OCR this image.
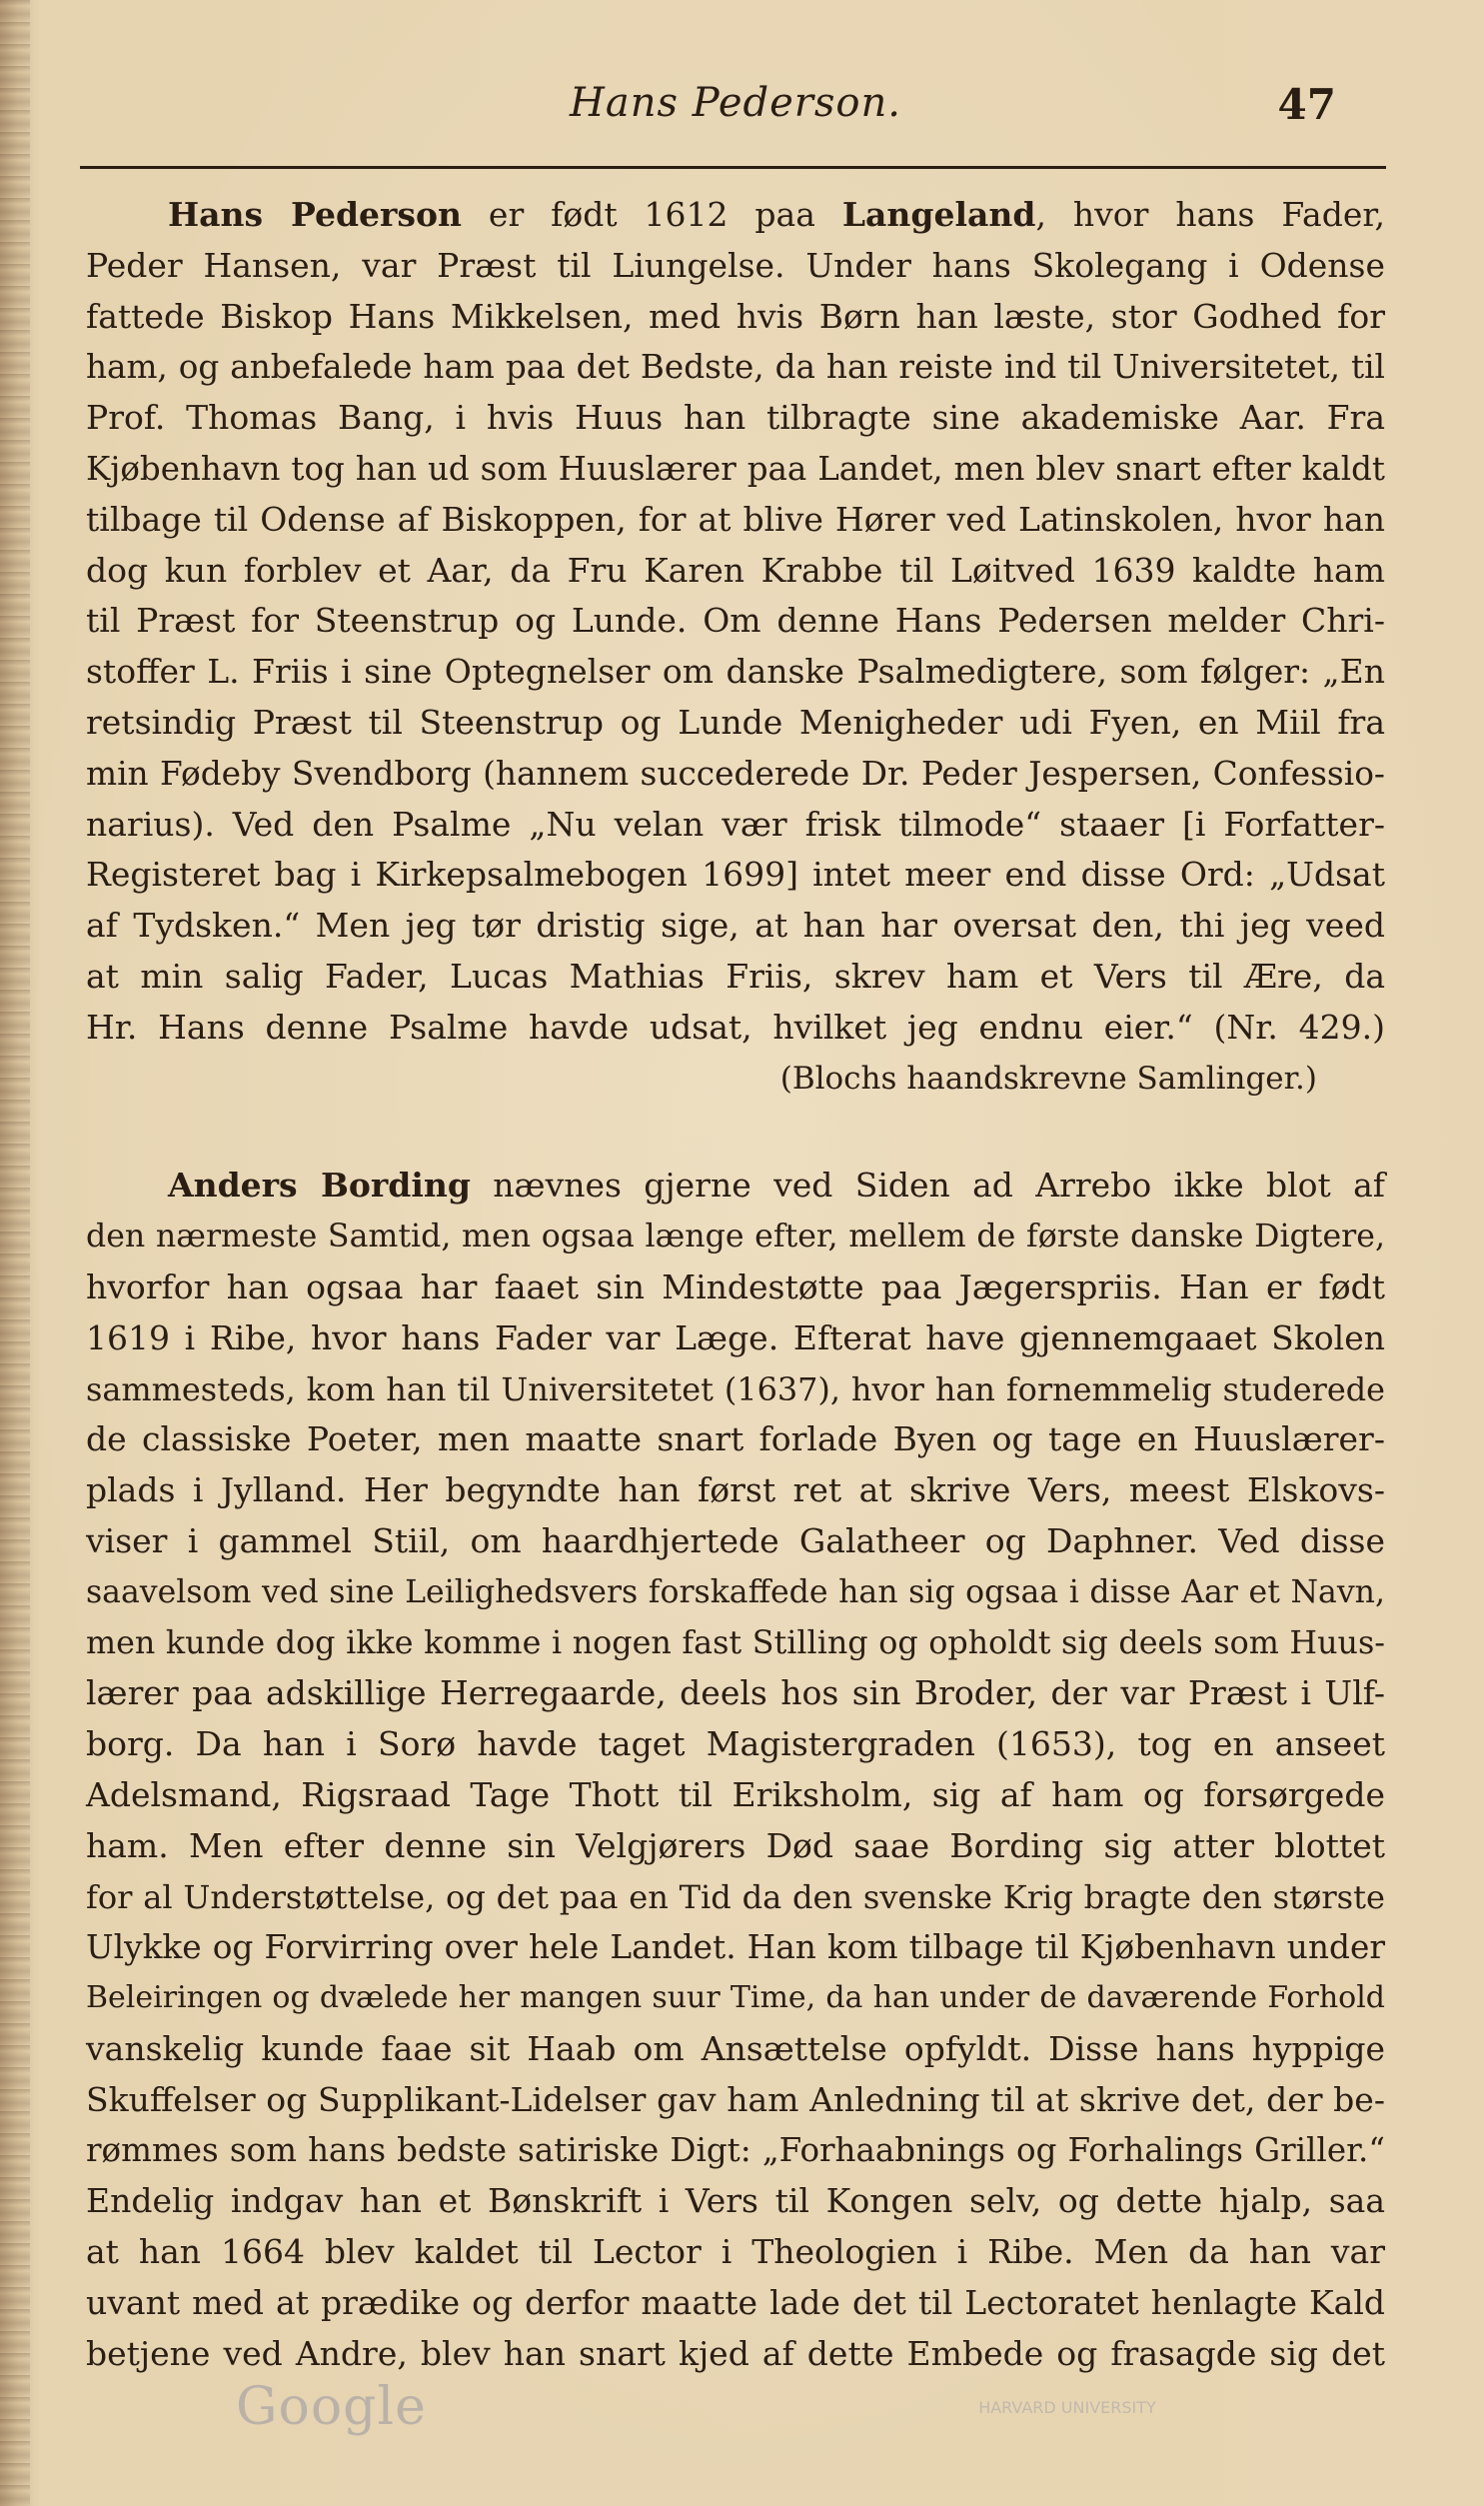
Hans Pederson.	47
Hans Pederson er født 1612 paa Langeland, hvor hans Fader,
Peder Hansen, var Præst til Liungelse. Under hans Skolegang i Odense
fattede Biskop Hans Mikkelsen, med hvis Børn han læste, stor Godhed for
ham, og anbefalede ham paa det Bedste, da han reiste ind til Universitetet, til
Prof. Thomas Bang, i hvis Huus han tilbragte sine akademiske Aar. Fra
Kjøbenhavn tog han ud som Huuslærer paa Landet, men blev snart efter kaldt
tilbage til Odense af Biskoppen, for at blive Hører ved Latinskolen, hvor han
dog kun forblev et Aar, da Fru Karen Krabbe til Løitved 1639 kaldte ham
til Præst for Steenstrup og Lunde. Om denne Hans Pedersen melder Chri-
stoffer L. Friis i sine Optegnelser om danske Psalmedigtere, som følger: „En
retsindig Præst til Steenstrup og Lunde Menigheder udi Fyen, en Miil fra
min Fødeby Svendborg (hannem succederede Dr. Peder Jespersen, Confessio-
narius). Ved den Psalme „Nu velan vær frisk tilmode“ staaer [i Forfatter-
Registeret bag i Kirkepsalmebogen 1699] intet meer end disse Ord: „Udsat
af Tydsken.“ Men jeg tør dristig sige, at han har oversat den, thi jeg veed
at min salig Fader, Lucas Mathias Friis, skrev ham et Vers til Ære, da
Hr. Hans denne Psalme havde udsat, hvilket jeg endnu eier.“ (Nr. 429.)
(Blochs haandskrevne Samlinger.)
Anders Bording nævnes gjerne ved Siden ad Arrebo ikke blot af
den nærmeste Samtid, men ogsaa længe efter, mellem de første danske Digtere,
hvorfor han ogsaa har faaet sin Mindestøtte paa Jægerspriis. Han er født
1619 i Ribe, hvor hans Fader var Læge. Efterat have gjennemgaaet Skolen
sammesteds, kom han til Universitetet (1637), hvor han fornemmelig studerede
de classiske Poeter, men maatte snart forlade Byen og tage en Huuslærer-
plads i Jylland. Her begyndte han først ret at skrive Vers, meest Elskovs-
viser i gammel Stiil, om haardhjertede Galatheer og Daphner. Ved disse
saavelsom ved sine Leilighedsvers forskaffede han sig ogsaa i disse Aar et Navn,
men kunde dog ikke komme i nogen fast Stilling og opholdt sig deels som Huus-
lærer paa adskillige Herregaarde, deels hos sin Broder, der var Præst i Ulf-
borg. Da han i Sorø havde taget Magistergraden (1653), tog en anseet
Adelsmand, Rigsraad Tage Thott til Eriksholm, sig af ham og forsørgede
ham. Men efter denne sin Velgjørers Død saae Bording sig atter blottet
for al Understøttelse, og det paa en Tid da den svenske Krig bragte den største
Ulykke og Forvirring over hele Landet. Han kom tilbage til Kjøbenhavn under
Beleiringen og dvælede her mangen suur Time, da han under de daværende Forhold
vanskelig kunde faae sit Haab om Ansættelse opfyldt. Disse hans hyppige
Skuffelser og Supplikant-Lidelser gav ham Anledning til at skrive det, der be-
rømmes som hans bedste satiriske Digt: „Forhaabnings og Forhalings Griller.“
Endelig indgav han et Bønskrift i Vers til Kongen selv, og dette hjalp, saa
at han 1664 blev kaldet til Lector i Theologien i Ribe. Men da han var
uvant med at prædike og derfor maatte lade det til Lectoratet henlagte Kald
betjene ved Andre, blev han snart kjed af dette Embede og frasagde sig det
Google	HARVARD UNIVERSITY
